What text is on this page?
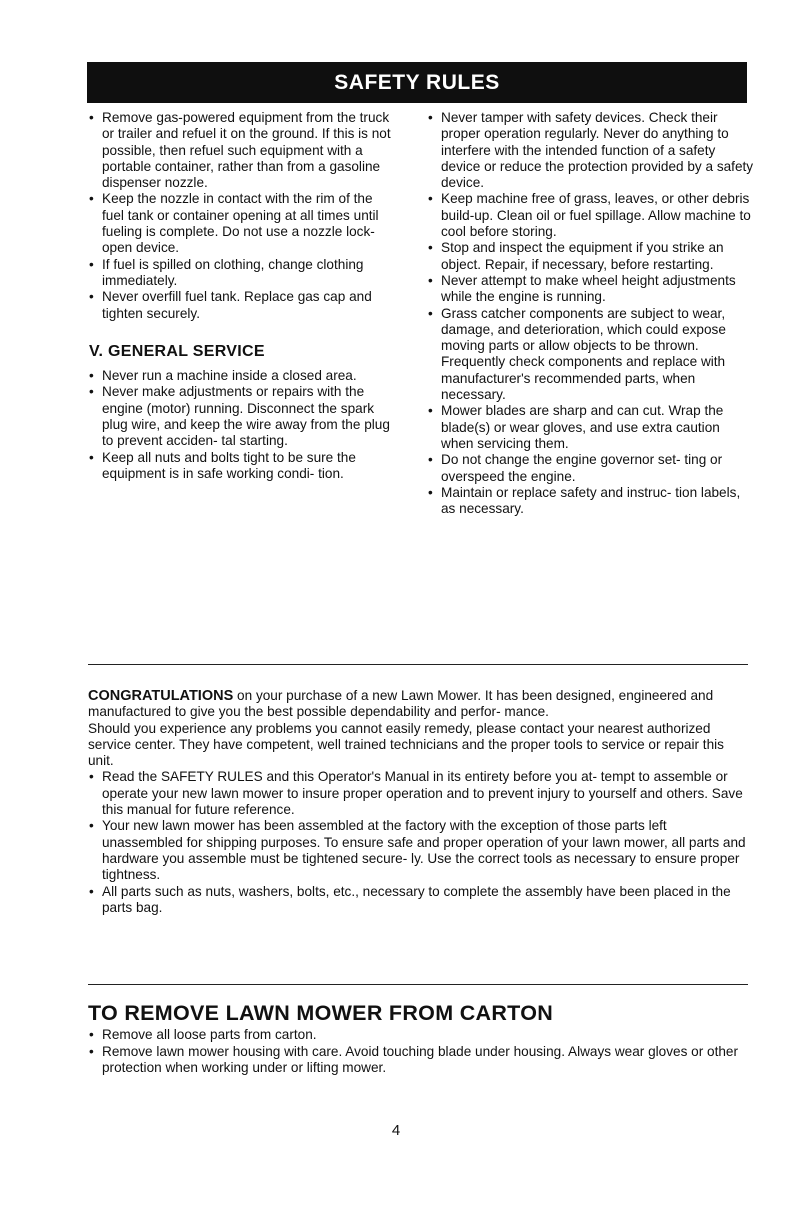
SAFETY RULES
• Remove gas-powered equipment from the truck or trailer and refuel it on the ground. If this is not possible, then refuel such equipment with a portable container, rather than from a gasoline dispenser nozzle.
• Keep the nozzle in contact with the rim of the fuel tank or container opening at all times until fueling is complete. Do not use a nozzle lock-open device.
• If fuel is spilled on clothing, change clothing immediately.
• Never overfill fuel tank. Replace gas cap and tighten securely.
V. GENERAL SERVICE
• Never run a machine inside a closed area.
• Never make adjustments or repairs with the engine (motor) running. Disconnect the spark plug wire, and keep the wire away from the plug to prevent acciden- tal starting.
• Keep all nuts and bolts tight to be sure the equipment is in safe working condi- tion.
• Never tamper with safety devices. Check their proper operation regularly. Never do anything to interfere with the intended function of a safety device or reduce the protection provided by a safety device.
• Keep machine free of grass, leaves, or other debris build-up. Clean oil or fuel spillage. Allow machine to cool before storing.
• Stop and inspect the equipment if you strike an object. Repair, if necessary, before restarting.
• Never attempt to make wheel height adjustments while the engine is running.
• Grass catcher components are subject to wear, damage, and deterioration, which could expose moving parts or allow objects to be thrown. Frequently check components and replace with manufacturer's recommended parts, when necessary.
• Mower blades are sharp and can cut. Wrap the blade(s) or wear gloves, and use extra caution when servicing them.
• Do not change the engine governor set- ting or overspeed the engine.
• Maintain or replace safety and instruc- tion labels, as necessary.

CONGRATULATIONS on your purchase of a new Lawn Mower. It has been designed, engineered and manufactured to give you the best possible dependability and perfor- mance.

Should you experience any problems you cannot easily remedy, please contact your nearest authorized service center. They have competent, well trained technicians and the proper tools to service or repair this unit.

• Read the SAFETY RULES and this Operator's Manual in its entirety before you at- tempt to assemble or operate your new lawn mower to insure proper operation and to prevent injury to yourself and others. Save this manual for future reference.
• Your new lawn mower has been assembled at the factory with the exception of those parts left unassembled for shipping purposes. To ensure safe and proper operation of your lawn mower, all parts and hardware you assemble must be tightened secure- ly. Use the correct tools as necessary to ensure proper tightness.
• All parts such as nuts, washers, bolts, etc., necessary to complete the assembly have been placed in the parts bag.
TO REMOVE LAWN MOWER FROM CARTON
• Remove all loose parts from carton.
• Remove lawn mower housing with care. Avoid touching blade under housing. Always wear gloves or other protection when working under or lifting mower.
4
